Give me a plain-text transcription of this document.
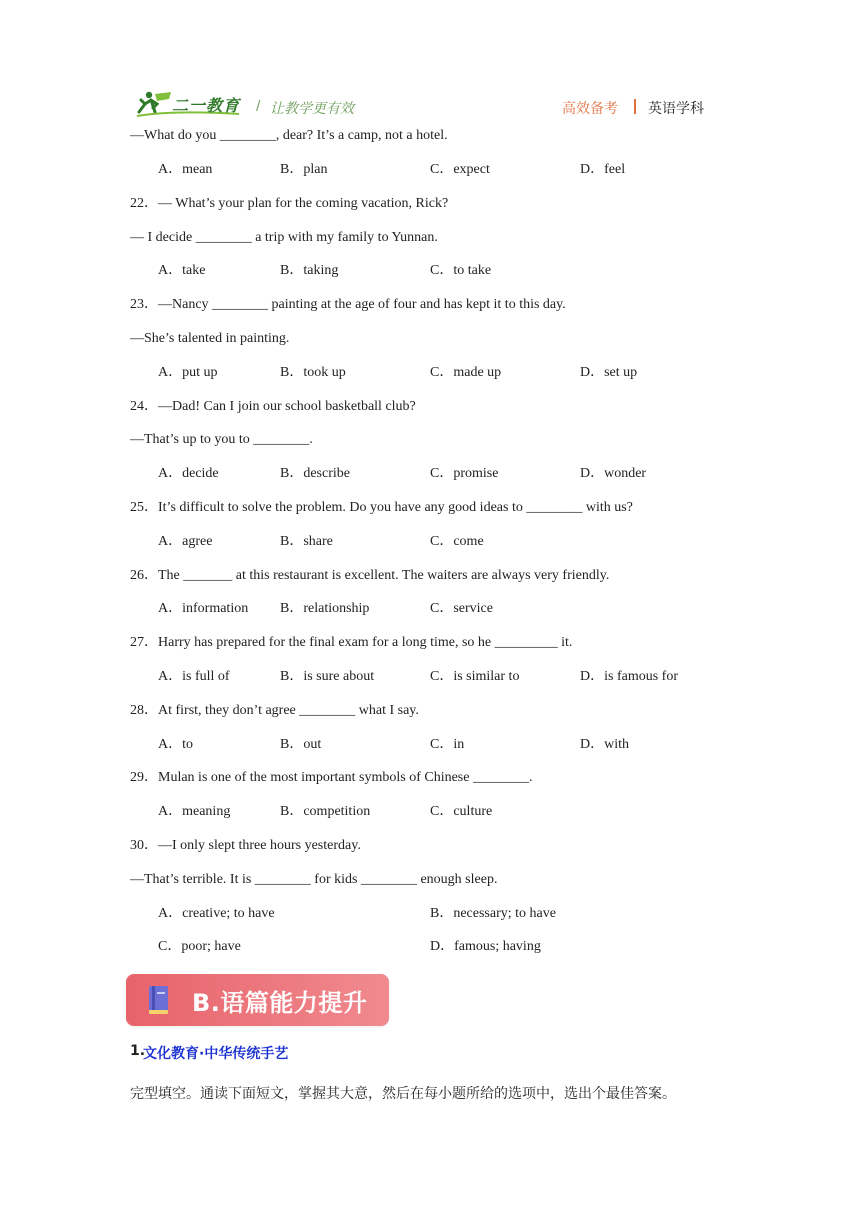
二一教育 / 让教学更有效	高效备考 英语学科
—What do you ________, dear? It’s a camp, not a hotel.
A．mean	B．plan	C．expect	D．feel
22．— What’s your plan for the coming vacation, Rick?
— I decide ________ a trip with my family to Yunnan.
A．take	B．taking	C．to take
23．—Nancy ________ painting at the age of four and has kept it to this day.
—She’s talented in painting.
A．put up	B．took up	C．made up	D．set up
24．—Dad! Can I join our school basketball club?
—That’s up to you to ________.
A．decide	B．describe	C．promise	D．wonder
25．It’s difficult to solve the problem. Do you have any good ideas to ________ with us?
A．agree	B．share	C．come
26．The _______ at this restaurant is excellent. The waiters are always very friendly.
A．information B．relationship	C．service
27．Harry has prepared for the final exam for a long time, so he _________ it.
A．is full of	B．is sure about	C．is similar to	D．is famous for
28．At first, they don’t agree ________ what I say.
A．to	B．out	C．in	D．with
29．Mulan is one of the most important symbols of Chinese ________.
A．meaning	B．competition	C．culture
30．—I only slept three hours yesterday.
—That’s terrible. It is ________ for kids ________ enough sleep.
A．creative; to have	B．necessary; to have
C．poor; have	D．famous; having
B.语篇能力提升
1.
文化教育·中华传统手艺
完型填空。通读下面短文，掌握其大意，然后在每小题所给的选项中，选出个最佳答案。
